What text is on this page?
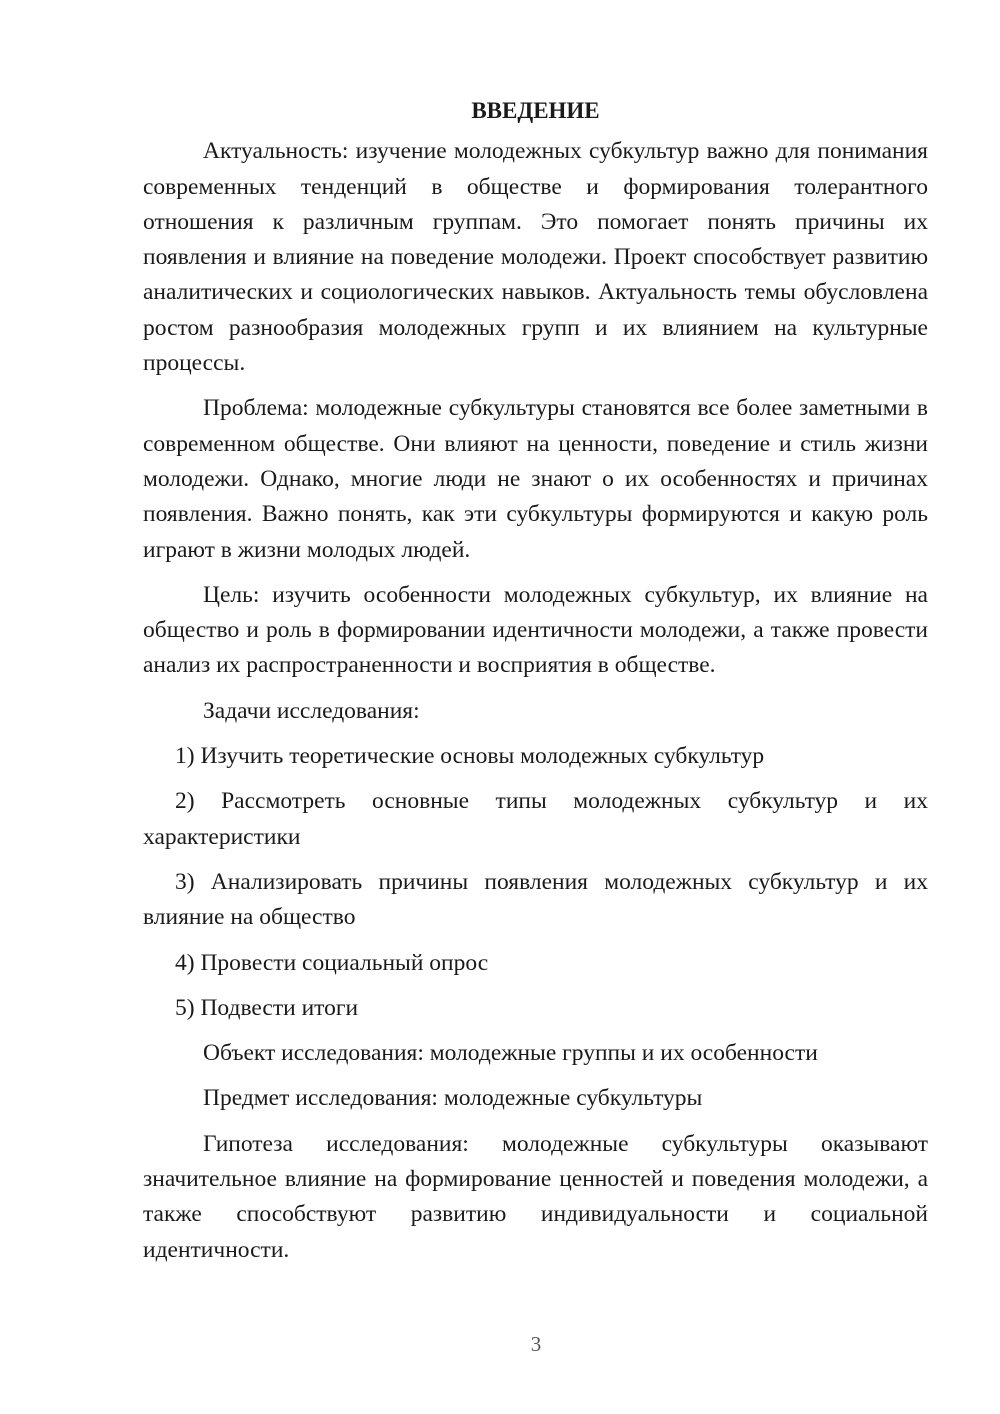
ВВЕДЕНИЕ

Актуальность: изучение молодежных субкультур важно для понимания современных тенденций в обществе и формирования толерантного отношения к различным группам. Это помогает понять причины их появления и влияние на поведение молодежи. Проект способствует развитию аналитических и социологических навыков. Актуальность темы обусловлена ростом разнообразия молодежных групп и их влиянием на культурные процессы.

Проблема: молодежные субкультуры становятся все более заметными в современном обществе. Они влияют на ценности, поведение и стиль жизни молодежи. Однако, многие люди не знают о их особенностях и причинах появления. Важно понять, как эти субкультуры формируются и какую роль играют в жизни молодых людей.

Цель: изучить особенности молодежных субкультур, их влияние на общество и роль в формировании идентичности молодежи, а также провести анализ их распространенности и восприятия в обществе.

Задачи исследования:

1) Изучить теоретические основы молодежных субкультур

2) Рассмотреть основные типы молодежных субкультур и их характеристики

3) Анализировать причины появления молодежных субкультур и их влияние на общество

4) Провести социальный опрос

5) Подвести итоги

Объект исследования: молодежные группы и их особенности

Предмет исследования: молодежные субкультуры

Гипотеза исследования: молодежные субкультуры оказывают значительное влияние на формирование ценностей и поведения молодежи, а также способствуют развитию индивидуальности и социальной идентичности.

3
